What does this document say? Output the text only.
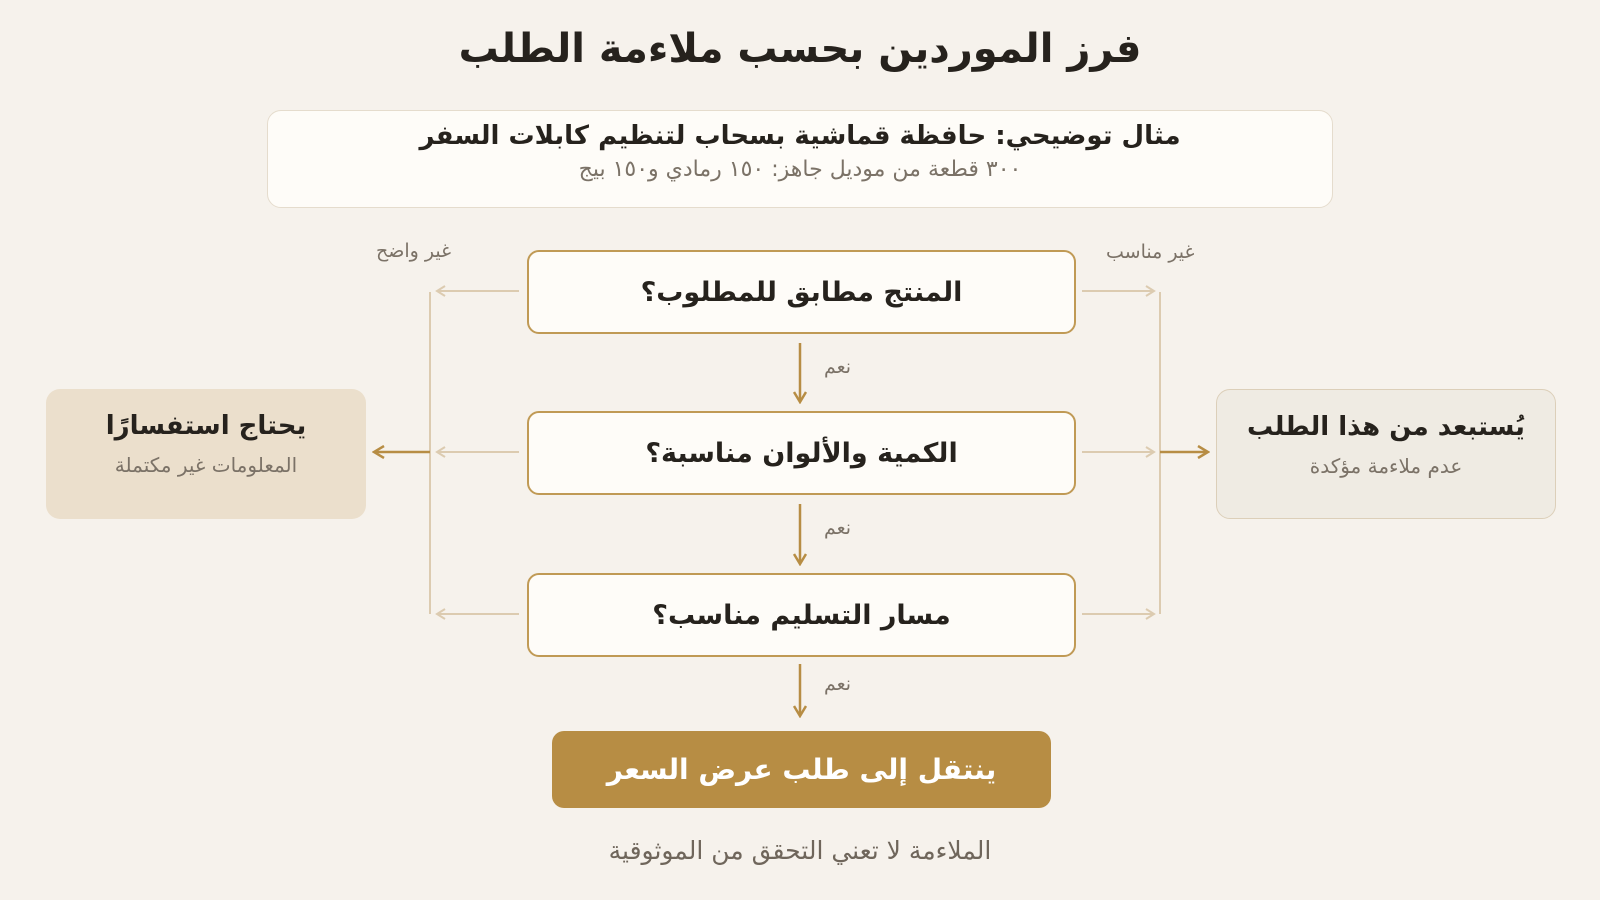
فرز الموردين بحسب ملاءمة الطلب
مثال توضيحي: حافظة قماشية بسحاب لتنظيم كابلات السفر
٣٠٠ قطعة من موديل جاهز: ١٥٠ رمادي و١٥٠ بيج
غير واضح	غير مناسب
المنتج مطابق للمطلوب؟
الكمية والألوان مناسبة؟
مسار التسليم مناسب؟
نعم
نعم
نعم
يحتاج استفسارًا
المعلومات غير مكتملة
يُستبعد من هذا الطلب
عدم ملاءمة مؤكدة
ينتقل إلى طلب عرض السعر
الملاءمة لا تعني التحقق من الموثوقية
